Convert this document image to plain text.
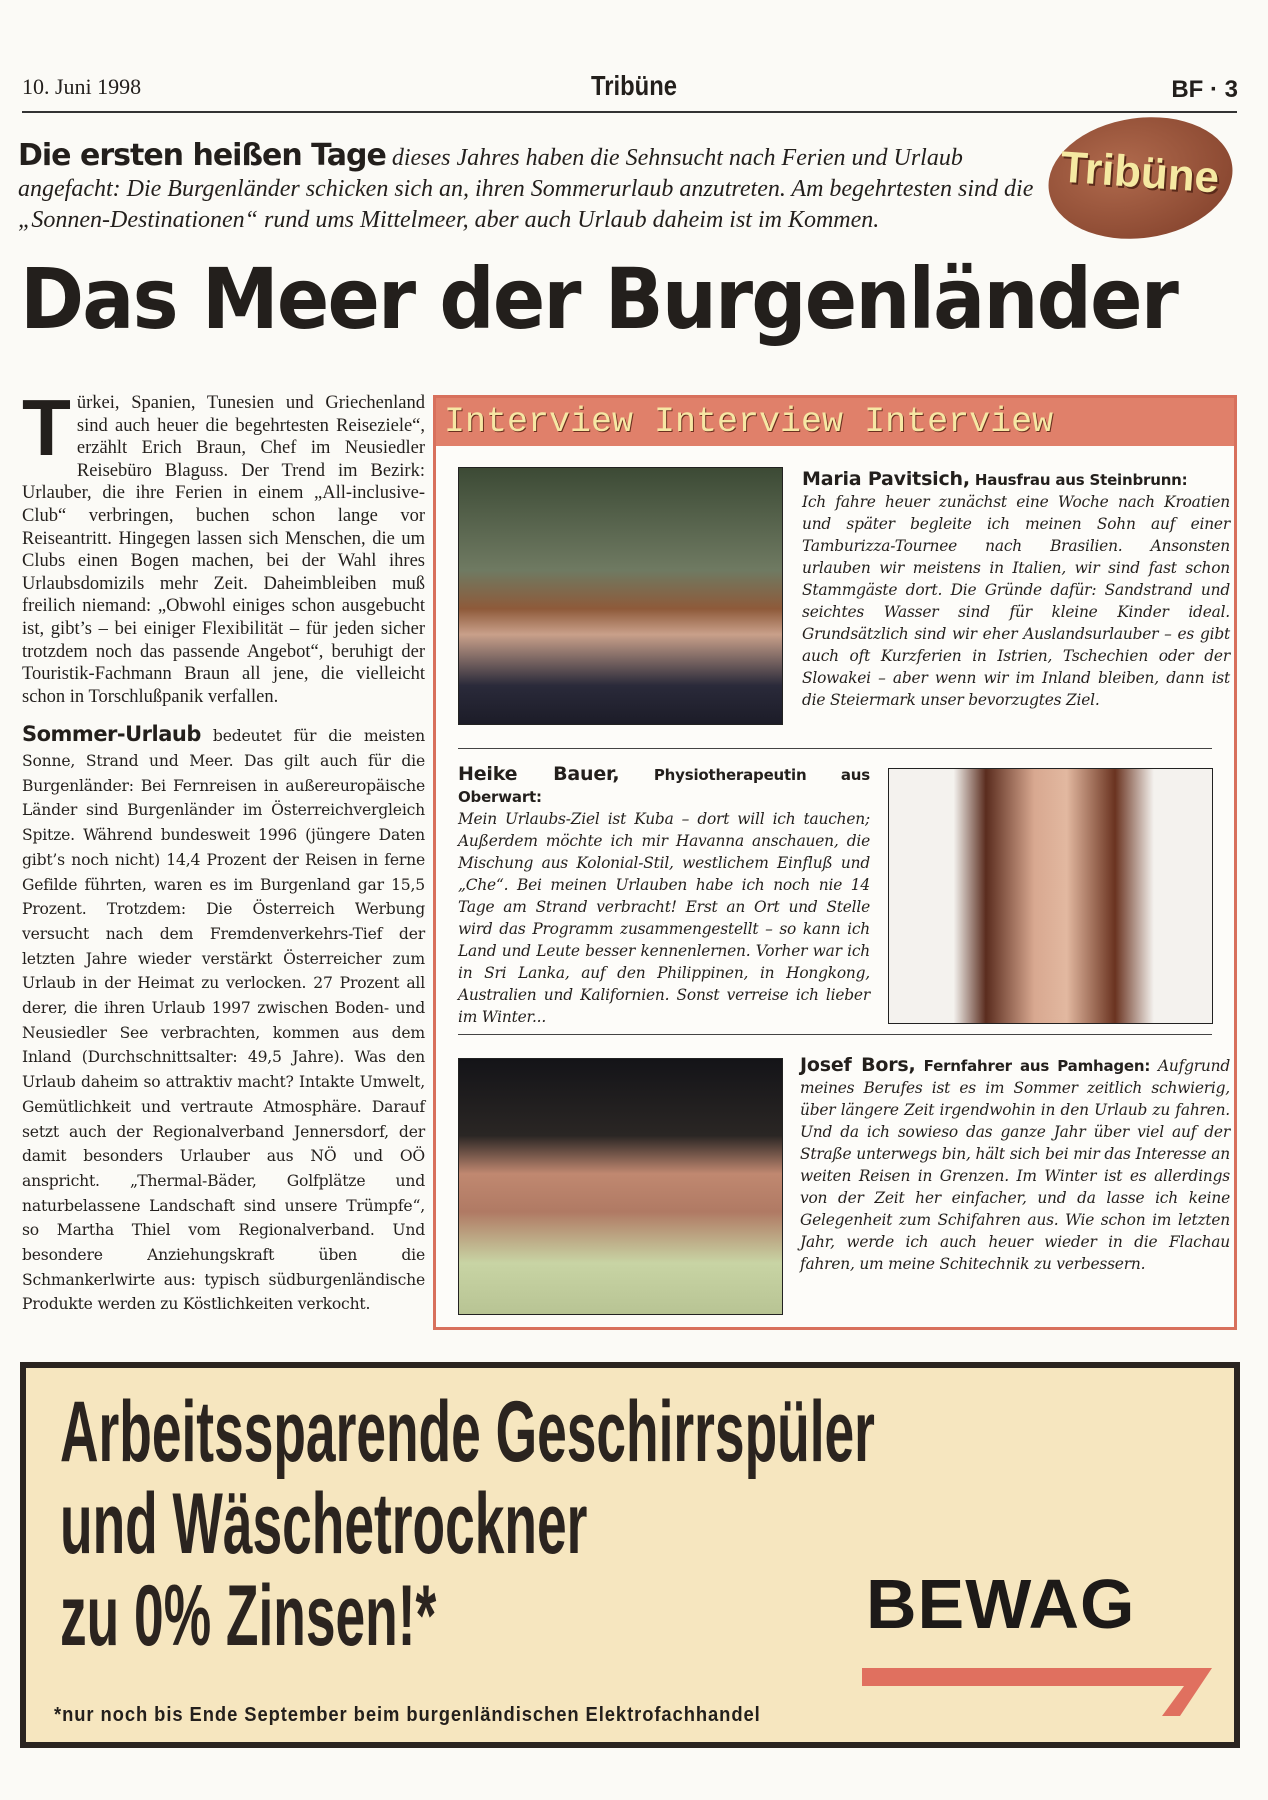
10. Juni 1998	Tribüne	BF · 3
Die ersten heißen Tage dieses Jahres haben die Sehnsucht nach Ferien und Urlaub angefacht: Die Burgenländer schicken sich an, ihren Sommerurlaub anzutreten. Am begehrtesten sind die „Sonnen-Destinationen“ rund ums Mittelmeer, aber auch Urlaub daheim ist im Kommen.
Tribüne
Das Meer der Burgenländer

Türkei, Spanien, Tunesien und Griechenland sind auch heuer die begehrtesten Reiseziele“, erzählt Erich Braun, Chef im Neusiedler Reisebüro Blaguss. Der Trend im Bezirk: Urlauber, die ihre Ferien in einem „All-inclusive-Club“ verbringen, buchen schon lange vor Reiseantritt. Hingegen lassen sich Menschen, die um Clubs einen Bogen machen, bei der Wahl ihres Urlaubsdomizils mehr Zeit. Daheimbleiben muß freilich niemand: „Obwohl einiges schon ausgebucht ist, gibt’s – bei einiger Flexibilität – für jeden sicher trotzdem noch das passende Angebot“, beruhigt der Touristik-Fachmann Braun all jene, die vielleicht schon in Torschlußpanik verfallen.

Sommer-Urlaub bedeutet für die meisten Sonne, Strand und Meer. Das gilt auch für die Burgenländer: Bei Fernreisen in außereuropäische Länder sind Burgenländer im Österreichvergleich Spitze. Während bundesweit 1996 (jüngere Daten gibt’s noch nicht) 14,4 Prozent der Reisen in ferne Gefilde führten, waren es im Burgenland gar 15,5 Prozent. Trotzdem: Die Österreich Werbung versucht nach dem Fremdenverkehrs-Tief der letzten Jahre wieder verstärkt Österreicher zum Urlaub in der Heimat zu verlocken. 27 Prozent all derer, die ihren Urlaub 1997 zwischen Boden- und Neusiedler See verbrachten, kommen aus dem Inland (Durchschnittsalter: 49,5 Jahre). Was den Urlaub daheim so attraktiv macht? Intakte Umwelt, Gemütlichkeit und vertraute Atmosphäre. Darauf setzt auch der Regionalverband Jennersdorf, der damit besonders Urlauber aus NÖ und OÖ anspricht. „Thermal-Bäder, Golfplätze und naturbelassene Landschaft sind unsere Trümpfe“, so Martha Thiel vom Regionalverband. Und besondere Anziehungskraft üben die Schmankerlwirte aus: typisch südburgenländische Produkte werden zu Köstlichkeiten verkocht.

Interview Interview Interview
Maria Pavitsich, Hausfrau aus Steinbrunn:
Ich fahre heuer zunächst eine Woche nach Kroatien und später begleite ich meinen Sohn auf einer Tamburizza-Tournee nach Brasilien. Ansonsten urlauben wir meistens in Italien, wir sind fast schon Stammgäste dort. Die Gründe dafür: Sandstrand und seichtes Wasser sind für kleine Kinder ideal. Grundsätzlich sind wir eher Auslandsurlauber – es gibt auch oft Kurzferien in Istrien, Tschechien oder der Slowakei – aber wenn wir im Inland bleiben, dann ist die Steiermark unser bevorzugtes Ziel.
Heike Bauer, Physiotherapeutin aus Oberwart:
Mein Urlaubs-Ziel ist Kuba – dort will ich tauchen; Außerdem möchte ich mir Havanna anschauen, die Mischung aus Kolonial-Stil, westlichem Einfluß und „Che“. Bei meinen Urlauben habe ich noch nie 14 Tage am Strand verbracht! Erst an Ort und Stelle wird das Programm zusammengestellt – so kann ich Land und Leute besser kennenlernen. Vorher war ich in Sri Lanka, auf den Philippinen, in Hongkong, Australien und Kalifornien. Sonst verreise ich lieber im Winter...
Josef Bors, Fernfahrer aus Pamhagen: Aufgrund meines Berufes ist es im Sommer zeitlich schwierig, über längere Zeit irgendwohin in den Urlaub zu fahren. Und da ich sowieso das ganze Jahr über viel auf der Straße unterwegs bin, hält sich bei mir das Interesse an weiten Reisen in Grenzen. Im Winter ist es allerdings von der Zeit her einfacher, und da lasse ich keine Gelegenheit zum Schifahren aus. Wie schon im letzten Jahr, werde ich auch heuer wieder in die Flachau fahren, um meine Schitechnik zu verbessern.
Arbeitssparende Geschirrspüler
und Wäschetrockner
zu 0% Zinsen!*	BEWAG
*nur noch bis Ende September beim burgenländischen Elektrofachhandel
